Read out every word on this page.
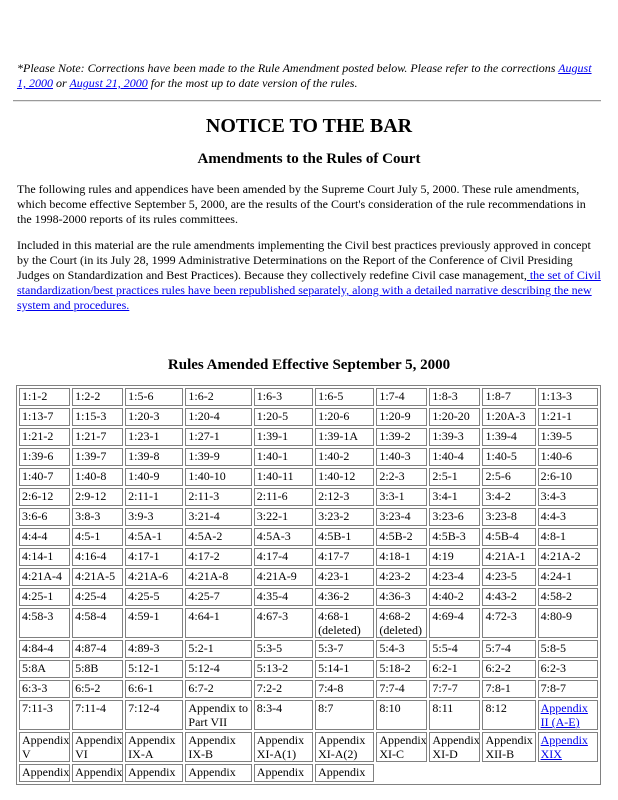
*Please Note: Corrections have been made to the Rule Amendment posted below. Please refer to the corrections August 1, 2000 or August 21, 2000 for the most up to date version of the rules.

NOTICE TO THE BAR
Amendments to the Rules of Court

The following rules and appendices have been amended by the Supreme Court July 5, 2000. These rule amendments, which become effective September 5, 2000, are the results of the Court's consideration of the rule recommendations in the 1998-2000 reports of its rules committees.

Included in this material are the rule amendments implementing the Civil best practices previously approved in concept by the Court (in its July 28, 1999 Administrative Determinations on the Report of the Conference of Civil Presiding Judges on Standardization and Best Practices). Because they collectively redefine Civil case management, the set of Civil standardization/best practices rules have been republished separately, along with a detailed narrative describing the new system and procedures.

Rules Amended Effective September 5, 2000
1:1-2	1:2-2	1:5-6	1:6-2	1:6-3	1:6-5	1:7-4	1:8-3	1:8-7	1:13-3
1:13-7	1:15-3	1:20-3	1:20-4	1:20-5	1:20-6	1:20-9	1:20-20	1:20A-3	1:21-1
1:21-2	1:21-7	1:23-1	1:27-1	1:39-1	1:39-1A	1:39-2	1:39-3	1:39-4	1:39-5
1:39-6	1:39-7	1:39-8	1:39-9	1:40-1	1:40-2	1:40-3	1:40-4	1:40-5	1:40-6
1:40-7	1:40-8	1:40-9	1:40-10	1:40-11	1:40-12	2:2-3	2:5-1	2:5-6	2:6-10
2:6-12	2:9-12	2:11-1	2:11-3	2:11-6	2:12-3	3:3-1	3:4-1	3:4-2	3:4-3
3:6-6	3:8-3	3:9-3	3:21-4	3:22-1	3:23-2	3:23-4	3:23-6	3:23-8	4:4-3
4:4-4	4:5-1	4:5A-1	4:5A-2	4:5A-3	4:5B-1	4:5B-2	4:5B-3	4:5B-4	4:8-1
4:14-1	4:16-4	4:17-1	4:17-2	4:17-4	4:17-7	4:18-1	4:19	4:21A-1	4:21A-2
4:21A-4	4:21A-5	4:21A-6	4:21A-8	4:21A-9	4:23-1	4:23-2	4:23-4	4:23-5	4:24-1
4:25-1	4:25-4	4:25-5	4:25-7	4:35-4	4:36-2	4:36-3	4:40-2	4:43-2	4:58-2
4:58-3	4:58-4	4:59-1	4:64-1	4:67-3	4:68-1 (deleted)	4:68-2 (deleted)	4:69-4	4:72-3	4:80-9
4:84-4	4:87-4	4:89-3	5:2-1	5:3-5	5:3-7	5:4-3	5:5-4	5:7-4	5:8-5
5:8A	5:8B	5:12-1	5:12-4	5:13-2	5:14-1	5:18-2	6:2-1	6:2-2	6:2-3
6:3-3	6:5-2	6:6-1	6:7-2	7:2-2	7:4-8	7:7-4	7:7-7	7:8-1	7:8-7
7:11-3	7:11-4	7:12-4	Appendix to Part VII	8:3-4	8:7	8:10	8:11	8:12	Appendix II (A-E)
Appendix V	Appendix VI	Appendix IX-A	Appendix IX-B	Appendix XI-A(1)	Appendix XI-A(2)	Appendix XI-C	Appendix XI-D	Appendix XII-B	Appendix XIX
Appendix	Appendix	Appendix	Appendix	Appendix	Appendix				
